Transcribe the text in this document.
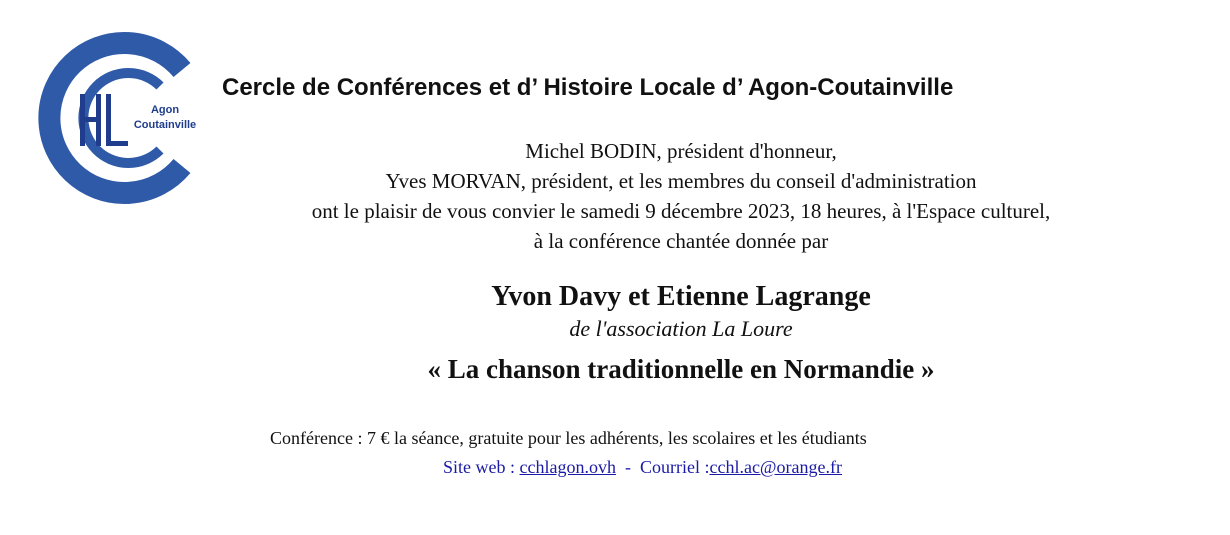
Agon
Coutainville
Cercle de Conférences et d’ Histoire Locale d’ Agon-Coutainville
Michel BODIN, président d'honneur,
Yves MORVAN, président, et les membres du conseil d'administration
ont le plaisir de vous convier le samedi 9 décembre 2023, 18 heures, à l'Espace culturel,
à la conférence chantée donnée par
Yvon Davy et Etienne Lagrange
de l'association La Loure
« La chanson traditionnelle en Normandie »
Conférence : 7 € la séance, gratuite pour les adhérents, les scolaires et les étudiants
Site web : cchlagon.ovh - Courriel :cchl.ac@orange.fr
